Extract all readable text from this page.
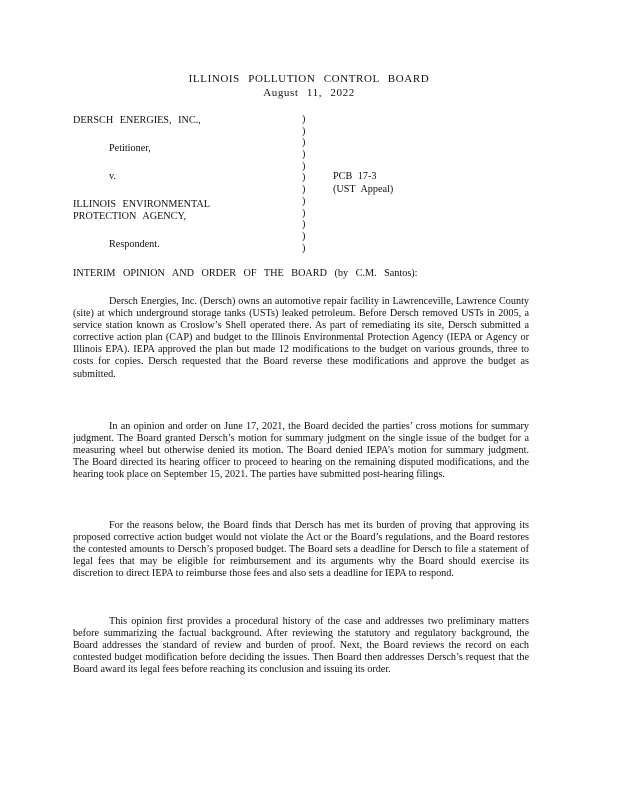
ILLINOIS POLLUTION CONTROL BOARD
August 11, 2022
DERSCH ENERGIES, INC.,
Petitioner,
v.
ILLINOIS ENVIRONMENTAL
PROTECTION AGENCY,
Respondent.
)
)
)
)
)
)
)
)
)
)
)
)
PCB 17-3
(UST Appeal)
INTERIM OPINION AND ORDER OF THE BOARD (by C.M. Santos):

Dersch Energies, Inc. (Dersch) owns an automotive repair facility in Lawrenceville, Lawrence County (site) at which underground storage tanks (USTs) leaked petroleum. Before Dersch removed USTs in 2005, a service station known as Croslow’s Shell operated there. As part of remediating its site, Dersch submitted a corrective action plan (CAP) and budget to the Illinois Environmental Protection Agency (IEPA or Agency or Illinois EPA). IEPA approved the plan but made 12 modifications to the budget on various grounds, three to costs for copies. Dersch requested that the Board reverse these modifications and approve the budget as submitted.

In an opinion and order on June 17, 2021, the Board decided the parties’ cross motions for summary judgment. The Board granted Dersch’s motion for summary judgment on the single issue of the budget for a measuring wheel but otherwise denied its motion. The Board denied IEPA’s motion for summary judgment. The Board directed its hearing officer to proceed to hearing on the remaining disputed modifications, and the hearing took place on September 15, 2021. The parties have submitted post-hearing filings.

For the reasons below, the Board finds that Dersch has met its burden of proving that approving its proposed corrective action budget would not violate the Act or the Board’s regulations, and the Board restores the contested amounts to Dersch’s proposed budget. The Board sets a deadline for Dersch to file a statement of legal fees that may be eligible for reimbursement and its arguments why the Board should exercise its discretion to direct IEPA to reimburse those fees and also sets a deadline for IEPA to respond.

This opinion first provides a procedural history of the case and addresses two preliminary matters before summarizing the factual background. After reviewing the statutory and regulatory background, the Board addresses the standard of review and burden of proof. Next, the Board reviews the record on each contested budget modification before deciding the issues. Then Board then addresses Dersch’s request that the Board award its legal fees before reaching its conclusion and issuing its order.
